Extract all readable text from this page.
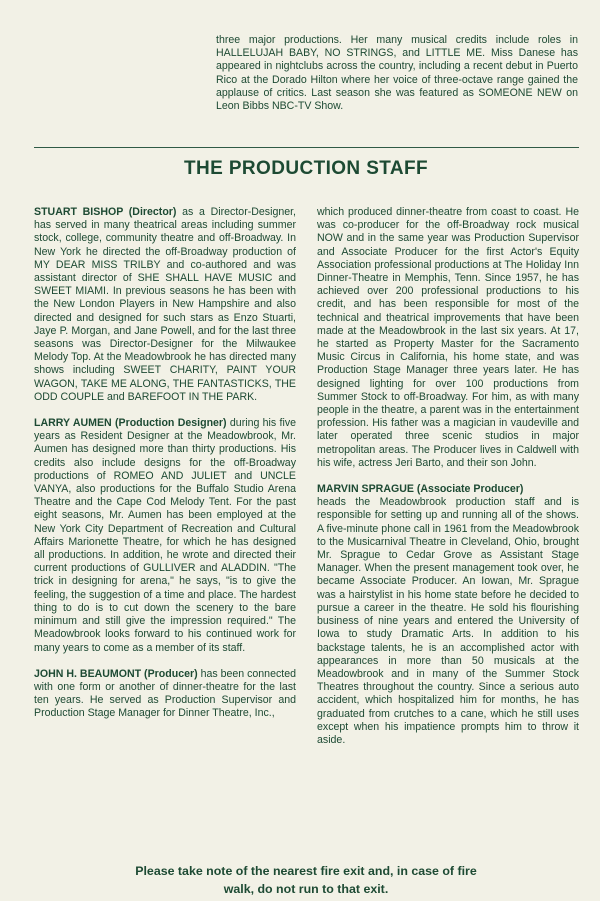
three major productions. Her many musical credits include roles in HALLELUJAH BABY, NO STRINGS, and LITTLE ME. Miss Danese has appeared in nightclubs across the country, including a recent debut in Puerto Rico at the Dorado Hilton where her voice of three-octave range gained the applause of critics. Last season she was featured as SOMEONE NEW on Leon Bibbs NBC-TV Show.

THE PRODUCTION STAFF

STUART BISHOP (Director) as a Director-Designer, has served in many theatrical areas including summer stock, college, community theatre and off-Broadway. In New York he directed the off-Broadway production of MY DEAR MISS TRILBY and co-authored and was assistant director of SHE SHALL HAVE MUSIC and SWEET MIAMI. In previous seasons he has been with the New London Players in New Hampshire and also directed and designed for such stars as Enzo Stuarti, Jaye P. Morgan, and Jane Powell, and for the last three seasons was Director-Designer for the Milwaukee Melody Top. At the Meadowbrook he has directed many shows including SWEET CHARITY, PAINT YOUR WAGON, TAKE ME ALONG, THE FANTASTICKS, THE ODD COUPLE and BAREFOOT IN THE PARK.

LARRY AUMEN (Production Designer) during his five years as Resident Designer at the Meadowbrook, Mr. Aumen has designed more than thirty productions. His credits also include designs for the off-Broadway productions of ROMEO AND JULIET and UNCLE VANYA, also productions for the Buffalo Studio Arena Theatre and the Cape Cod Melody Tent. For the past eight seasons, Mr. Aumen has been employed at the New York City Department of Recreation and Cultural Affairs Marionette Theatre, for which he has designed all productions. In addition, he wrote and directed their current productions of GULLIVER and ALADDIN. "The trick in designing for arena," he says, "is to give the feeling, the suggestion of a time and place. The hardest thing to do is to cut down the scenery to the bare minimum and still give the impression required." The Meadowbrook looks forward to his continued work for many years to come as a member of its staff.

JOHN H. BEAUMONT (Producer) has been connected with one form or another of dinner-theatre for the last ten years. He served as Production Supervisor and Production Stage Manager for Dinner Theatre, Inc.,

which produced dinner-theatre from coast to coast. He was co-producer for the off-Broadway rock musical NOW and in the same year was Production Supervisor and Associate Producer for the first Actor's Equity Association professional productions at The Holiday Inn Dinner-Theatre in Memphis, Tenn. Since 1957, he has achieved over 200 professional productions to his credit, and has been responsible for most of the technical and theatrical improvements that have been made at the Meadowbrook in the last six years. At 17, he started as Property Master for the Sacramento Music Circus in California, his home state, and was Production Stage Manager three years later. He has designed lighting for over 100 productions from Summer Stock to off-Broadway. For him, as with many people in the theatre, a parent was in the entertainment profession. His father was a magician in vaudeville and later operated three scenic studios in major metropolitan areas. The Producer lives in Caldwell with his wife, actress Jeri Barto, and their son John.

MARVIN SPRAGUE (Associate Producer)
heads the Meadowbrook production staff and is responsible for setting up and running all of the shows. A five-minute phone call in 1961 from the Meadowbrook to the Musicarnival Theatre in Cleveland, Ohio, brought Mr. Sprague to Cedar Grove as Assistant Stage Manager. When the present management took over, he became Associate Producer. An Iowan, Mr. Sprague was a hairstylist in his home state before he decided to pursue a career in the theatre. He sold his flourishing business of nine years and entered the University of Iowa to study Dramatic Arts. In addition to his backstage talents, he is an accomplished actor with appearances in more than 50 musicals at the Meadowbrook and in many of the Summer Stock Theatres throughout the country. Since a serious auto accident, which hospitalized him for months, he has graduated from crutches to a cane, which he still uses except when his impatience prompts him to throw it aside.

Please take note of the nearest fire exit and, in case of fire
walk, do not run to that exit.
